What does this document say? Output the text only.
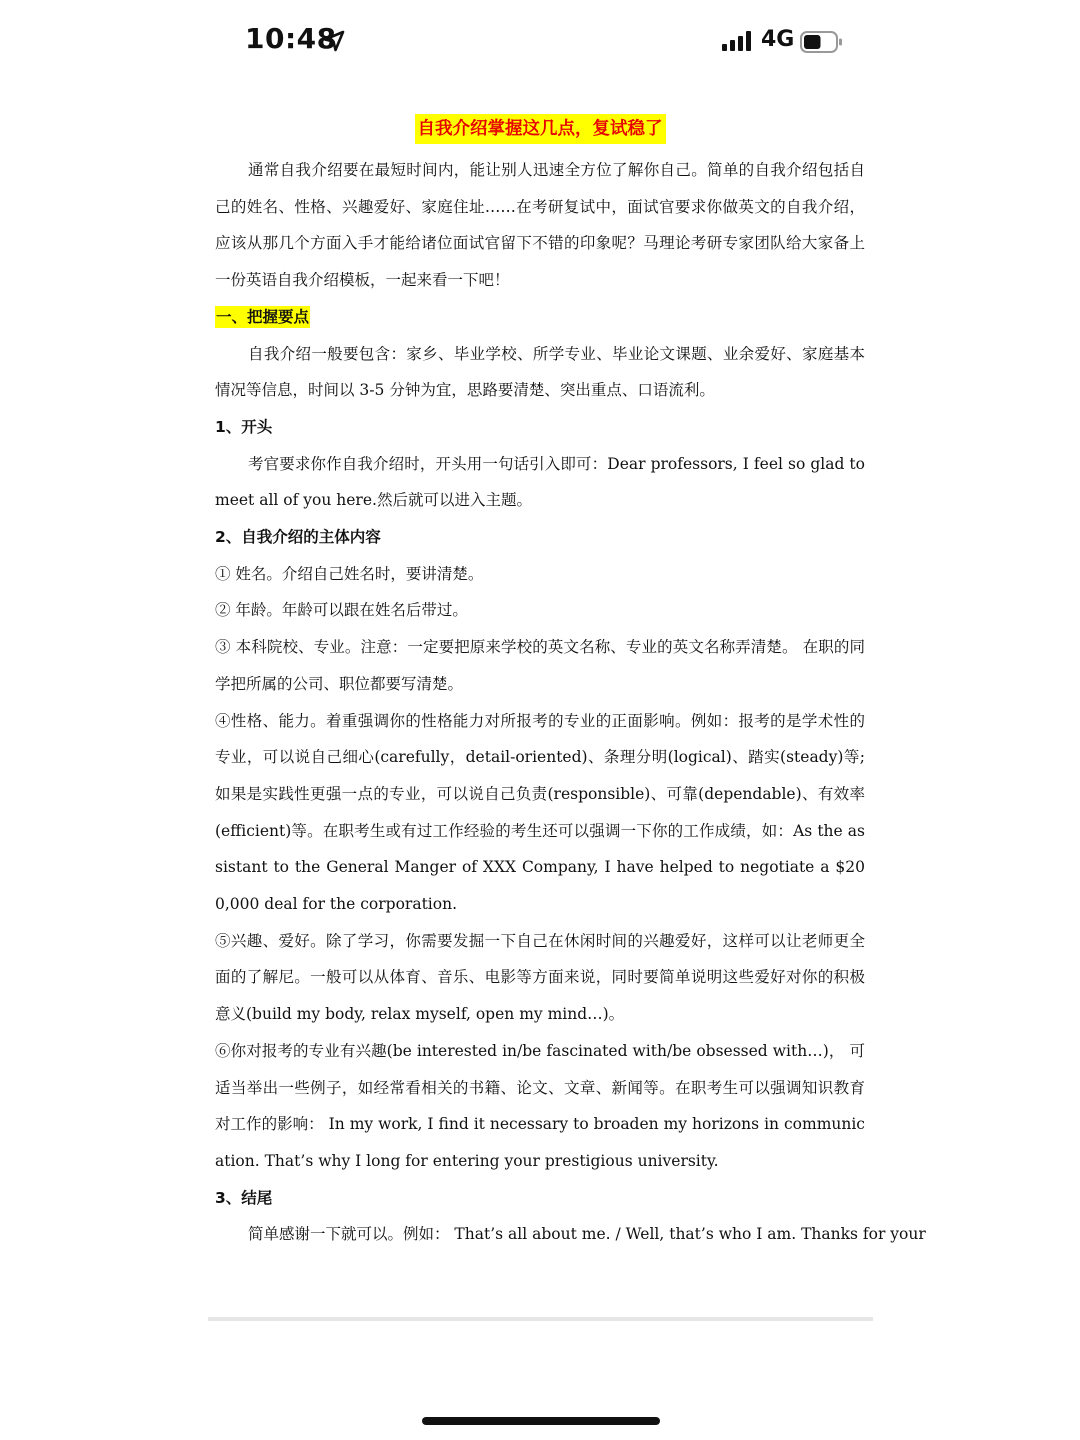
10:48	4G
自我介绍掌握这几点，复试稳了

通常自我介绍要在最短时间内，能让别人迅速全方位了解你自己。简单的自我介绍包括自己的姓名、性格、兴趣爱好、家庭住址……在考研复试中，面试官要求你做英文的自我介绍，应该从那几个方面入手才能给诸位面试官留下不错的印象呢？马理论考研专家团队给大家备上一份英语自我介绍模板，一起来看一下吧！

一、把握要点

自我介绍一般要包含：家乡、毕业学校、所学专业、毕业论文课题、业余爱好、家庭基本情况等信息，时间以 3-5 分钟为宜，思路要清楚、突出重点、口语流利。

1、开头

考官要求你作自我介绍时，开头用一句话引入即可：Dear professors, I feel so glad to meet all of you here.然后就可以进入主题。

2、自我介绍的主体内容

① 姓名。介绍自己姓名时，要讲清楚。

② 年龄。年龄可以跟在姓名后带过。

③ 本科院校、专业。注意：一定要把原来学校的英文名称、专业的英文名称弄清楚。 在职的同学把所属的公司、职位都要写清楚。

④性格、能力。着重强调你的性格能力对所报考的专业的正面影响。例如：报考的是学术性的专业，可以说自己细心(carefully，detail-oriented)、条理分明(logical)、踏实(steady)等;如果是实践性更强一点的专业，可以说自己负责(responsible)、可靠(dependable)、有效率(efficient)等。在职考生或有过工作经验的考生还可以强调一下你的工作成绩，如：As the assistant to the General Manger of XXX Company, I have helped to negotiate a $200,000 deal for the corporation.

⑤兴趣、爱好。除了学习，你需要发掘一下自己在休闲时间的兴趣爱好，这样可以让老师更全面的了解尼。一般可以从体育、音乐、电影等方面来说，同时要简单说明这些爱好对你的积极意义(build my body, relax myself, open my mind…)。

⑥你对报考的专业有兴趣(be interested in/be fascinated with/be obsessed with…)， 可适当举出一些例子，如经常看相关的书籍、论文、文章、新闻等。在职考生可以强调知识教育对工作的影响： In my work, I find it necessary to broaden my horizons in communication. That’s why I long for entering your prestigious university.

3、结尾

简单感谢一下就可以。例如： That’s all about me. / Well, that’s who I am. Thanks for your
